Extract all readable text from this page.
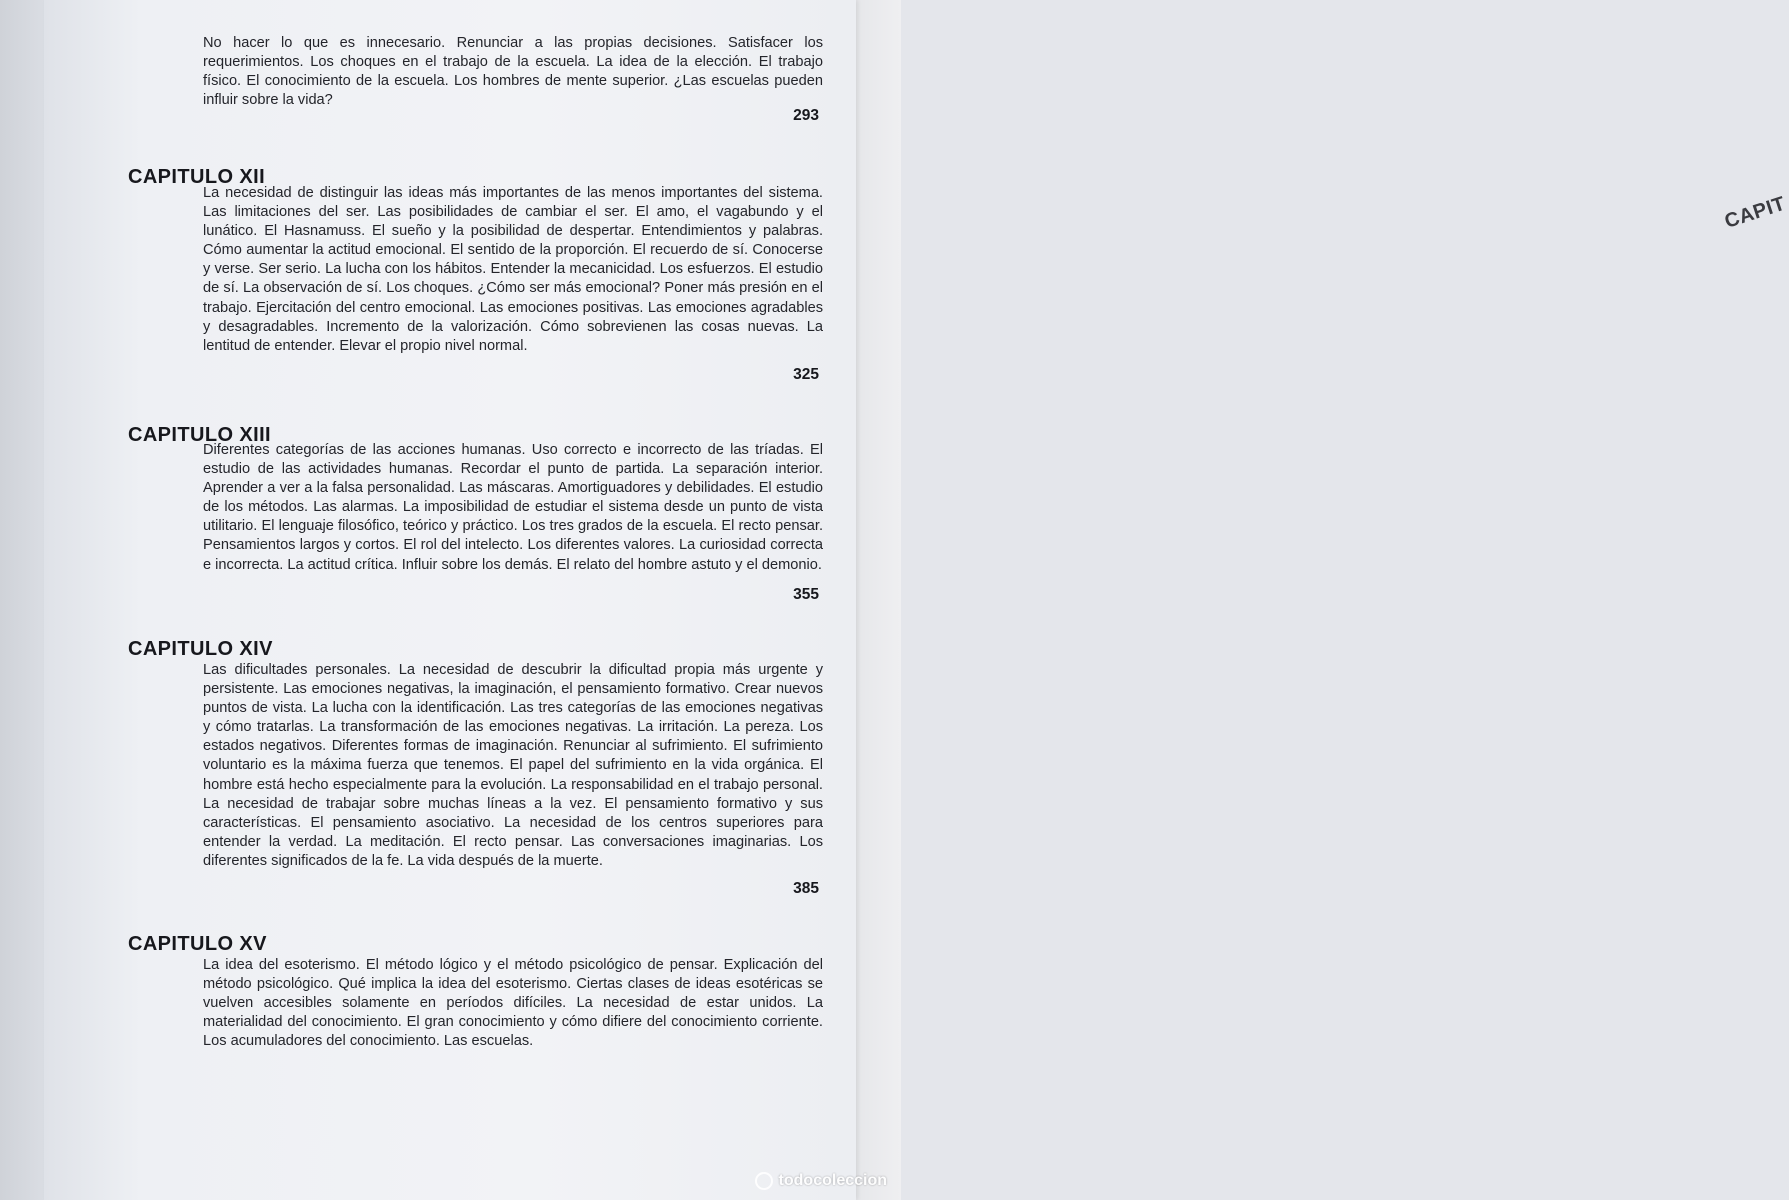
CAPIT
No hacer lo que es innecesario. Renunciar a las propias decisiones. Satisfacer los requerimientos. Los choques en el trabajo de la escuela. La idea de la elección. El trabajo físico. El conocimiento de la escuela. Los hombres de mente superior. ¿Las escuelas pueden influir sobre la vida?
293
CAPITULO XII
La necesidad de distinguir las ideas más importantes de las menos importantes del sistema. Las limitaciones del ser. Las posibilidades de cambiar el ser. El amo, el vagabundo y el lunático. El Hasnamuss. El sueño y la posibilidad de despertar. Entendimientos y palabras. Cómo aumentar la actitud emocional. El sentido de la proporción. El recuerdo de sí. Conocerse y verse. Ser serio. La lucha con los hábitos. Entender la mecanicidad. Los esfuerzos. El estudio de sí. La observación de sí. Los choques. ¿Cómo ser más emocional? Poner más presión en el trabajo. Ejercitación del centro emocional. Las emociones positivas. Las emociones agradables y desagradables. Incremento de la valorización. Cómo sobrevienen las cosas nuevas. La lentitud de entender. Elevar el propio nivel normal.
325
CAPITULO XIII
Diferentes categorías de las acciones humanas. Uso correcto e incorrecto de las tríadas. El estudio de las actividades humanas. Recordar el punto de partida. La separación interior. Aprender a ver a la falsa personalidad. Las máscaras. Amortiguadores y debilidades. El estudio de los métodos. Las alarmas. La imposibilidad de estudiar el sistema desde un punto de vista utilitario. El lenguaje filosófico, teórico y práctico. Los tres grados de la escuela. El recto pensar. Pensamientos largos y cortos. El rol del intelecto. Los diferentes valores. La curiosidad correcta e incorrecta. La actitud crítica. Influir sobre los demás. El relato del hombre astuto y el demonio.
355
CAPITULO XIV
Las dificultades personales. La necesidad de descubrir la dificultad propia más urgente y persistente. Las emociones negativas, la imaginación, el pensamiento formativo. Crear nuevos puntos de vista. La lucha con la identificación. Las tres categorías de las emociones negativas y cómo tratarlas. La transformación de las emociones negativas. La irritación. La pereza. Los estados negativos. Diferentes formas de imaginación. Renunciar al sufrimiento. El sufrimiento voluntario es la máxima fuerza que tenemos. El papel del sufrimiento en la vida orgánica. El hombre está hecho especialmente para la evolución. La responsabilidad en el trabajo personal. La necesidad de trabajar sobre muchas líneas a la vez. El pensamiento formativo y sus características. El pensamiento asociativo. La necesidad de los centros superiores para entender la verdad. La meditación. El recto pensar. Las conversaciones imaginarias. Los diferentes significados de la fe. La vida después de la muerte.
385
CAPITULO XV
La idea del esoterismo. El método lógico y el método psicológico de pensar. Explicación del método psicológico. Qué implica la idea del esoterismo. Ciertas clases de ideas esotéricas se vuelven accesibles solamente en períodos difíciles. La necesidad de estar unidos. La materialidad del conocimiento. El gran conocimiento y cómo difiere del conocimiento corriente. Los acumuladores del conocimiento. Las escuelas.
todocoleccion
